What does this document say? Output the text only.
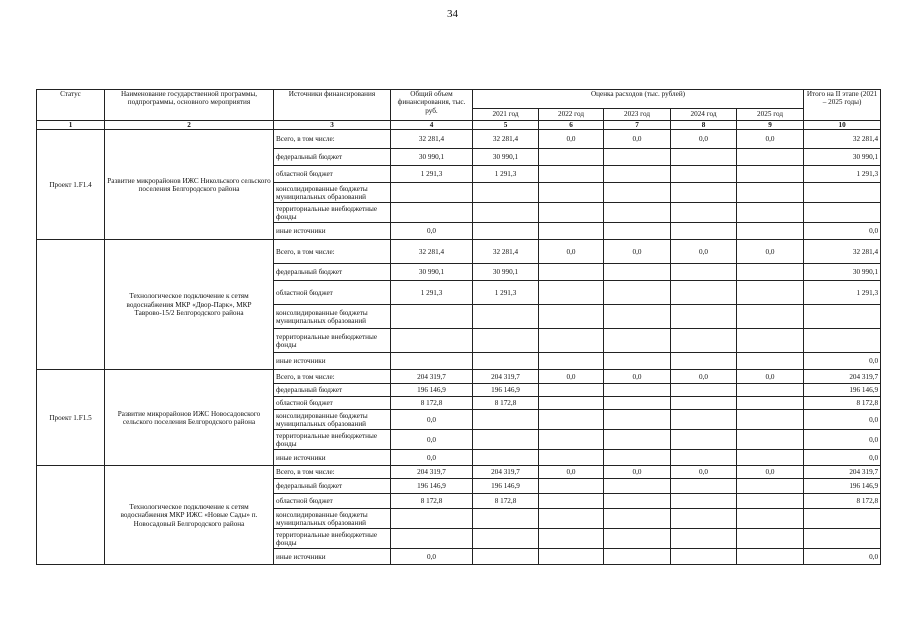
34
Статус	Наименование государственной программы, подпрограммы, основного мероприятия	Источники финансирования	Общий объем финансирования, тыс. руб.	Оценка расходов (тыс. рублей)					Итого на II этапе (2021 – 2025 годы)
				2021 год	2022 год	2023 год	2024 год	2025 год	
1	2	3	4	5	6	7	8	9	10
Проект 1.F1.4	Развитие микрорайонов ИЖС Никольского сельского поселения Белгородского района	Всего, в том числе:	32 281,4	32 281,4	0,0	0,0	0,0	0,0	32 281,4
		федеральный бюджет	30 990,1	30 990,1					30 990,1
		областной бюджет	1 291,3	1 291,3					1 291,3
		консолидированные бюджеты муниципальных образований							
		территориальные внебюджетные фонды							
		иные источники	0,0						0,0
	Технологическое подключение к сетям водоснабжения МКР «Двор-Парк», МКР Таврово-15/2 Белгородского района	Всего, в том числе:	32 281,4	32 281,4	0,0	0,0	0,0	0,0	32 281,4
		федеральный бюджет	30 990,1	30 990,1					30 990,1
		областной бюджет	1 291,3	1 291,3					1 291,3
		консолидированные бюджеты муниципальных образований							
		территориальные внебюджетные фонды							
		иные источники							0,0
Проект 1.F1.5	Развитие микрорайонов ИЖС Новосадовского сельского поселения Белгородского района	Всего, в том числе:	204 319,7	204 319,7	0,0	0,0	0,0	0,0	204 319,7
		федеральный бюджет	196 146,9	196 146,9					196 146,9
		областной бюджет	8 172,8	8 172,8					8 172,8
		консолидированные бюджеты муниципальных образований	0,0						0,0
		территориальные внебюджетные фонды	0,0						0,0
		иные источники	0,0						0,0
	Технологическое подключение к сетям водоснабжения МКР ИЖС «Новые Сады» п. Новосадовый Белгородского района	Всего, в том числе:	204 319,7	204 319,7	0,0	0,0	0,0	0,0	204 319,7
		федеральный бюджет	196 146,9	196 146,9					196 146,9
		областной бюджет	8 172,8	8 172,8					8 172,8
		консолидированные бюджеты муниципальных образований							
		территориальные внебюджетные фонды							
		иные источники	0,0						0,0
